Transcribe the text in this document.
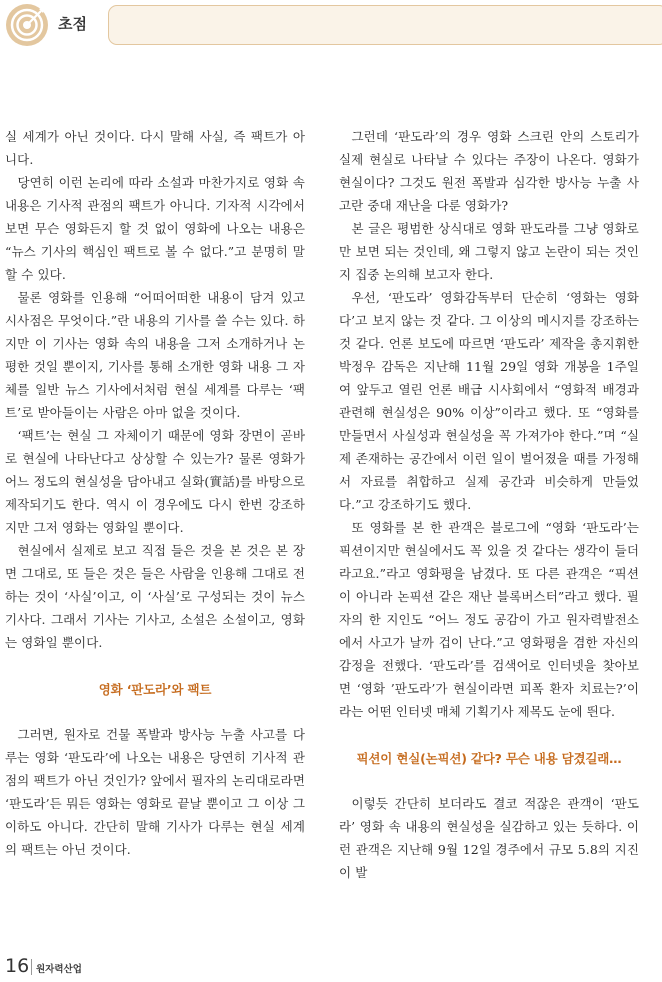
초점

실 세계가 아닌 것이다. 다시 말해 사실, 즉 팩트가 아니다.

당연히 이런 논리에 따라 소설과 마찬가지로 영화 속 내용은 기사적 관점의 팩트가 아니다. 기자적 시각에서 보면 무슨 영화든지 할 것 없이 영화에 나오는 내용은 “뉴스 기사의 핵심인 팩트로 볼 수 없다.”고 분명히 말할 수 있다.

물론 영화를 인용해 “어떠어떠한 내용이 담겨 있고 시사점은 무엇이다.”란 내용의 기사를 쓸 수는 있다. 하지만 이 기사는 영화 속의 내용을 그저 소개하거나 논평한 것일 뿐이지, 기사를 통해 소개한 영화 내용 그 자체를 일반 뉴스 기사에서처럼 현실 세계를 다루는 ‘팩트’로 받아들이는 사람은 아마 없을 것이다.

‘팩트’는 현실 그 자체이기 때문에 영화 장면이 곧바로 현실에 나타난다고 상상할 수 있는가? 물론 영화가 어느 정도의 현실성을 담아내고 실화(實話)를 바탕으로 제작되기도 한다. 역시 이 경우에도 다시 한번 강조하지만 그저 영화는 영화일 뿐이다.

현실에서 실제로 보고 직접 들은 것을 본 것은 본 장면 그대로, 또 들은 것은 들은 사람을 인용해 그대로 전하는 것이 ‘사실’이고, 이 ‘사실’로 구성되는 것이 뉴스 기사다. 그래서 기사는 기사고, 소설은 소설이고, 영화는 영화일 뿐이다.

영화 ‘판도라’와 팩트

그러면, 원자로 건물 폭발과 방사능 누출 사고를 다루는 영화 ‘판도라’에 나오는 내용은 당연히 기사적 관점의 팩트가 아닌 것인가? 앞에서 필자의 논리대로라면 ‘판도라’든 뭐든 영화는 영화로 끝날 뿐이고 그 이상 그 이하도 아니다. 간단히 말해 기사가 다루는 현실 세계의 팩트는 아닌 것이다.

그런데 ‘판도라’의 경우 영화 스크린 안의 스토리가 실제 현실로 나타날 수 있다는 주장이 나온다. 영화가 현실이다? 그것도 원전 폭발과 심각한 방사능 누출 사고란 중대 재난을 다룬 영화가?

본 글은 평범한 상식대로 영화 판도라를 그냥 영화로만 보면 되는 것인데, 왜 그렇지 않고 논란이 되는 것인지 집중 논의해 보고자 한다.

우선, ‘판도라’ 영화감독부터 단순히 ‘영화는 영화다’고 보지 않는 것 같다. 그 이상의 메시지를 강조하는 것 같다. 언론 보도에 따르면 ‘판도라’ 제작을 총지휘한 박정우 감독은 지난해 11월 29일 영화 개봉을 1주일여 앞두고 열린 언론 배급 시사회에서 “영화적 배경과 관련해 현실성은 90% 이상”이라고 했다. 또 “영화를 만들면서 사실성과 현실성을 꼭 가져가야 한다.”며 “실제 존재하는 공간에서 이런 일이 벌어졌을 때를 가정해서 자료를 취합하고 실제 공간과 비슷하게 만들었다.”고 강조하기도 했다.

또 영화를 본 한 관객은 블로그에 “영화 ‘판도라’는 픽션이지만 현실에서도 꼭 있을 것 같다는 생각이 들더라고요.”라고 영화평을 남겼다. 또 다른 관객은 “픽션이 아니라 논픽션 같은 재난 블록버스터”라고 했다. 필자의 한 지인도 “어느 정도 공감이 가고 원자력발전소에서 사고가 날까 겁이 난다.”고 영화평을 겸한 자신의 감정을 전했다. ‘판도라’를 검색어로 인터넷을 찾아보면 ‘영화 ’판도라’가 현실이라면 피폭 환자 치료는?’이라는 어떤 인터넷 매체 기획기사 제목도 눈에 띈다.

픽션이 현실(논픽션) 같다? 무슨 내용 담겼길래…

이렇듯 간단히 보더라도 결코 적잖은 관객이 ‘판도라’ 영화 속 내용의 현실성을 실감하고 있는 듯하다. 이런 관객은 지난해 9월 12일 경주에서 규모 5.8의 지진이 발

16 원자력산업
